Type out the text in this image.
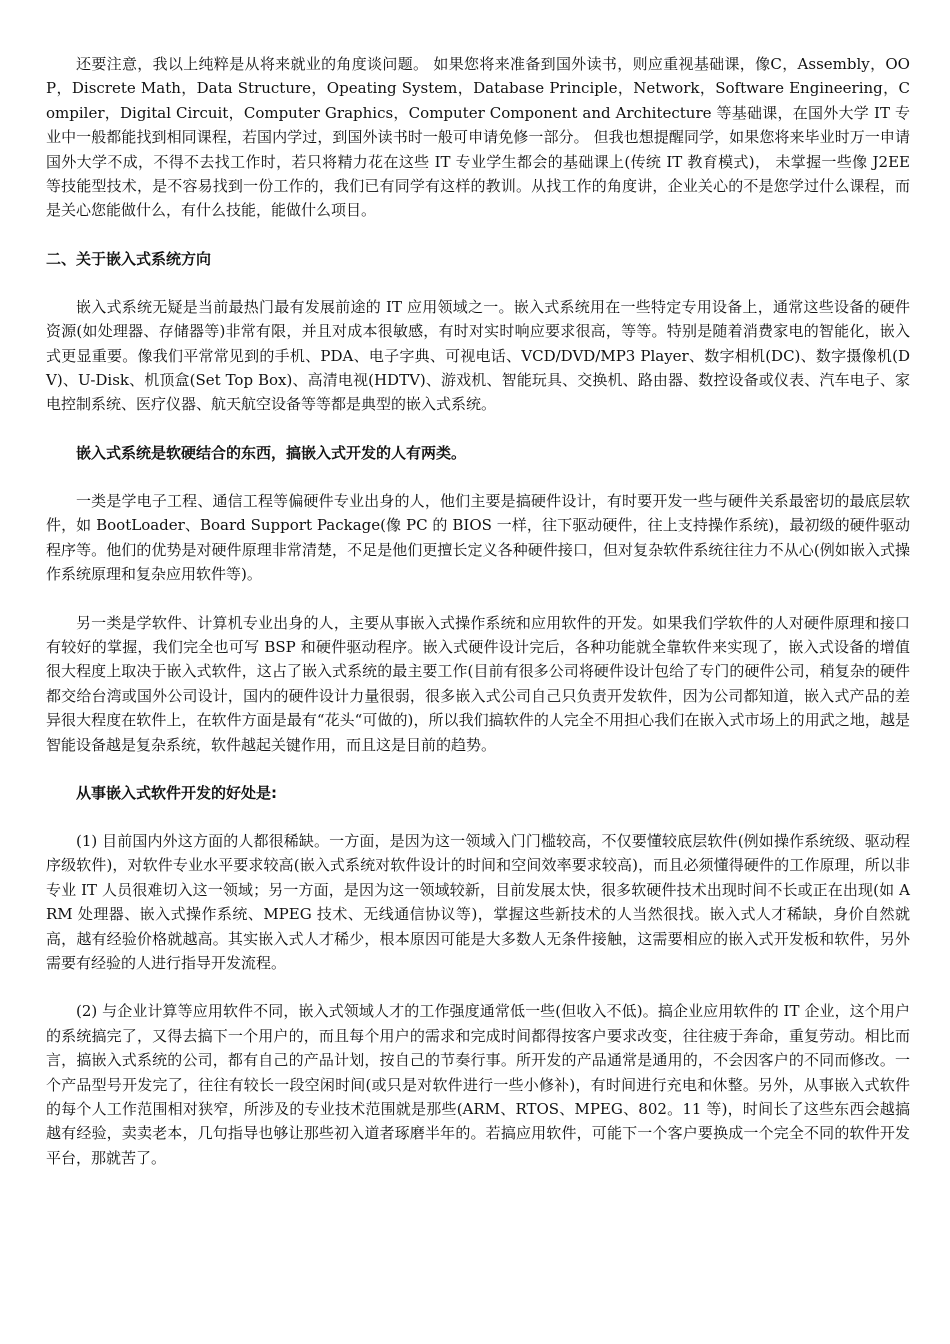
还要注意，我以上纯粹是从将来就业的角度谈问题。 如果您将来准备到国外读书，则应重视基础课，像C，Assembly，OOP，Discrete Math，Data Structure，Opeating System，Database Principle，Network，Software Engineering，Compiler，Digital Circuit，Computer Graphics，Computer Component and Architecture 等基础课，在国外大学 IT 专业中一般都能找到相同课程，若国内学过，到国外读书时一般可申请免修一部分。 但我也想提醒同学，如果您将来毕业时万一申请国外大学不成，不得不去找工作时，若只将精力花在这些 IT 专业学生都会的基础课上(传统 IT 教育模式)， 未掌握一些像 J2EE 等技能型技术，是不容易找到一份工作的，我们已有同学有这样的教训。从找工作的角度讲，企业关心的不是您学过什么课程，而是关心您能做什么，有什么技能，能做什么项目。

二、关于嵌入式系统方向

嵌入式系统无疑是当前最热门最有发展前途的 IT 应用领域之一。嵌入式系统用在一些特定专用设备上，通常这些设备的硬件资源(如处理器、存储器等)非常有限，并且对成本很敏感，有时对实时响应要求很高，等等。特别是随着消费家电的智能化，嵌入式更显重要。像我们平常常见到的手机、PDA、电子字典、可视电话、VCD/DVD/MP3 Player、数字相机(DC)、数字摄像机(DV)、U-Disk、机顶盒(Set Top Box)、高清电视(HDTV)、游戏机、智能玩具、交换机、路由器、数控设备或仪表、汽车电子、家电控制系统、医疗仪器、航天航空设备等等都是典型的嵌入式系统。

嵌入式系统是软硬结合的东西，搞嵌入式开发的人有两类。

一类是学电子工程、通信工程等偏硬件专业出身的人，他们主要是搞硬件设计，有时要开发一些与硬件关系最密切的最底层软件，如 BootLoader、Board Support Package(像 PC 的 BIOS 一样，往下驱动硬件，往上支持操作系统)，最初级的硬件驱动程序等。他们的优势是对硬件原理非常清楚，不足是他们更擅长定义各种硬件接口，但对复杂软件系统往往力不从心(例如嵌入式操作系统原理和复杂应用软件等)。

另一类是学软件、计算机专业出身的人，主要从事嵌入式操作系统和应用软件的开发。如果我们学软件的人对硬件原理和接口有较好的掌握，我们完全也可写 BSP 和硬件驱动程序。嵌入式硬件设计完后，各种功能就全靠软件来实现了，嵌入式设备的增值很大程度上取决于嵌入式软件，这占了嵌入式系统的最主要工作(目前有很多公司将硬件设计包给了专门的硬件公司，稍复杂的硬件都交给台湾或国外公司设计，国内的硬件设计力量很弱，很多嵌入式公司自己只负责开发软件，因为公司都知道，嵌入式产品的差异很大程度在软件上，在软件方面是最有“花头“可做的)，所以我们搞软件的人完全不用担心我们在嵌入式市场上的用武之地，越是智能设备越是复杂系统，软件越起关键作用，而且这是目前的趋势。

从事嵌入式软件开发的好处是:

(1) 目前国内外这方面的人都很稀缺。一方面，是因为这一领域入门门槛较高，不仅要懂较底层软件(例如操作系统级、驱动程序级软件)，对软件专业水平要求较高(嵌入式系统对软件设计的时间和空间效率要求较高)，而且必须懂得硬件的工作原理，所以非专业 IT 人员很难切入这一领域；另一方面，是因为这一领域较新，目前发展太快，很多软硬件技术出现时间不长或正在出现(如 ARM 处理器、嵌入式操作系统、MPEG 技术、无线通信协议等)，掌握这些新技术的人当然很找。嵌入式人才稀缺，身价自然就高，越有经验价格就越高。其实嵌入式人才稀少，根本原因可能是大多数人无条件接触，这需要相应的嵌入式开发板和软件，另外需要有经验的人进行指导开发流程。

(2) 与企业计算等应用软件不同，嵌入式领域人才的工作强度通常低一些(但收入不低)。搞企业应用软件的 IT 企业，这个用户的系统搞完了，又得去搞下一个用户的，而且每个用户的需求和完成时间都得按客户要求改变，往往疲于奔命，重复劳动。相比而言，搞嵌入式系统的公司，都有自己的产品计划，按自己的节奏行事。所开发的产品通常是通用的，不会因客户的不同而修改。一个产品型号开发完了，往往有较长一段空闲时间(或只是对软件进行一些小修补)，有时间进行充电和休整。另外，从事嵌入式软件的每个人工作范围相对狭窄，所涉及的专业技术范围就是那些(ARM、RTOS、MPEG、802。11 等)，时间长了这些东西会越搞越有经验，卖卖老本，几句指导也够让那些初入道者琢磨半年的。若搞应用软件，可能下一个客户要换成一个完全不同的软件开发平台，那就苦了。
